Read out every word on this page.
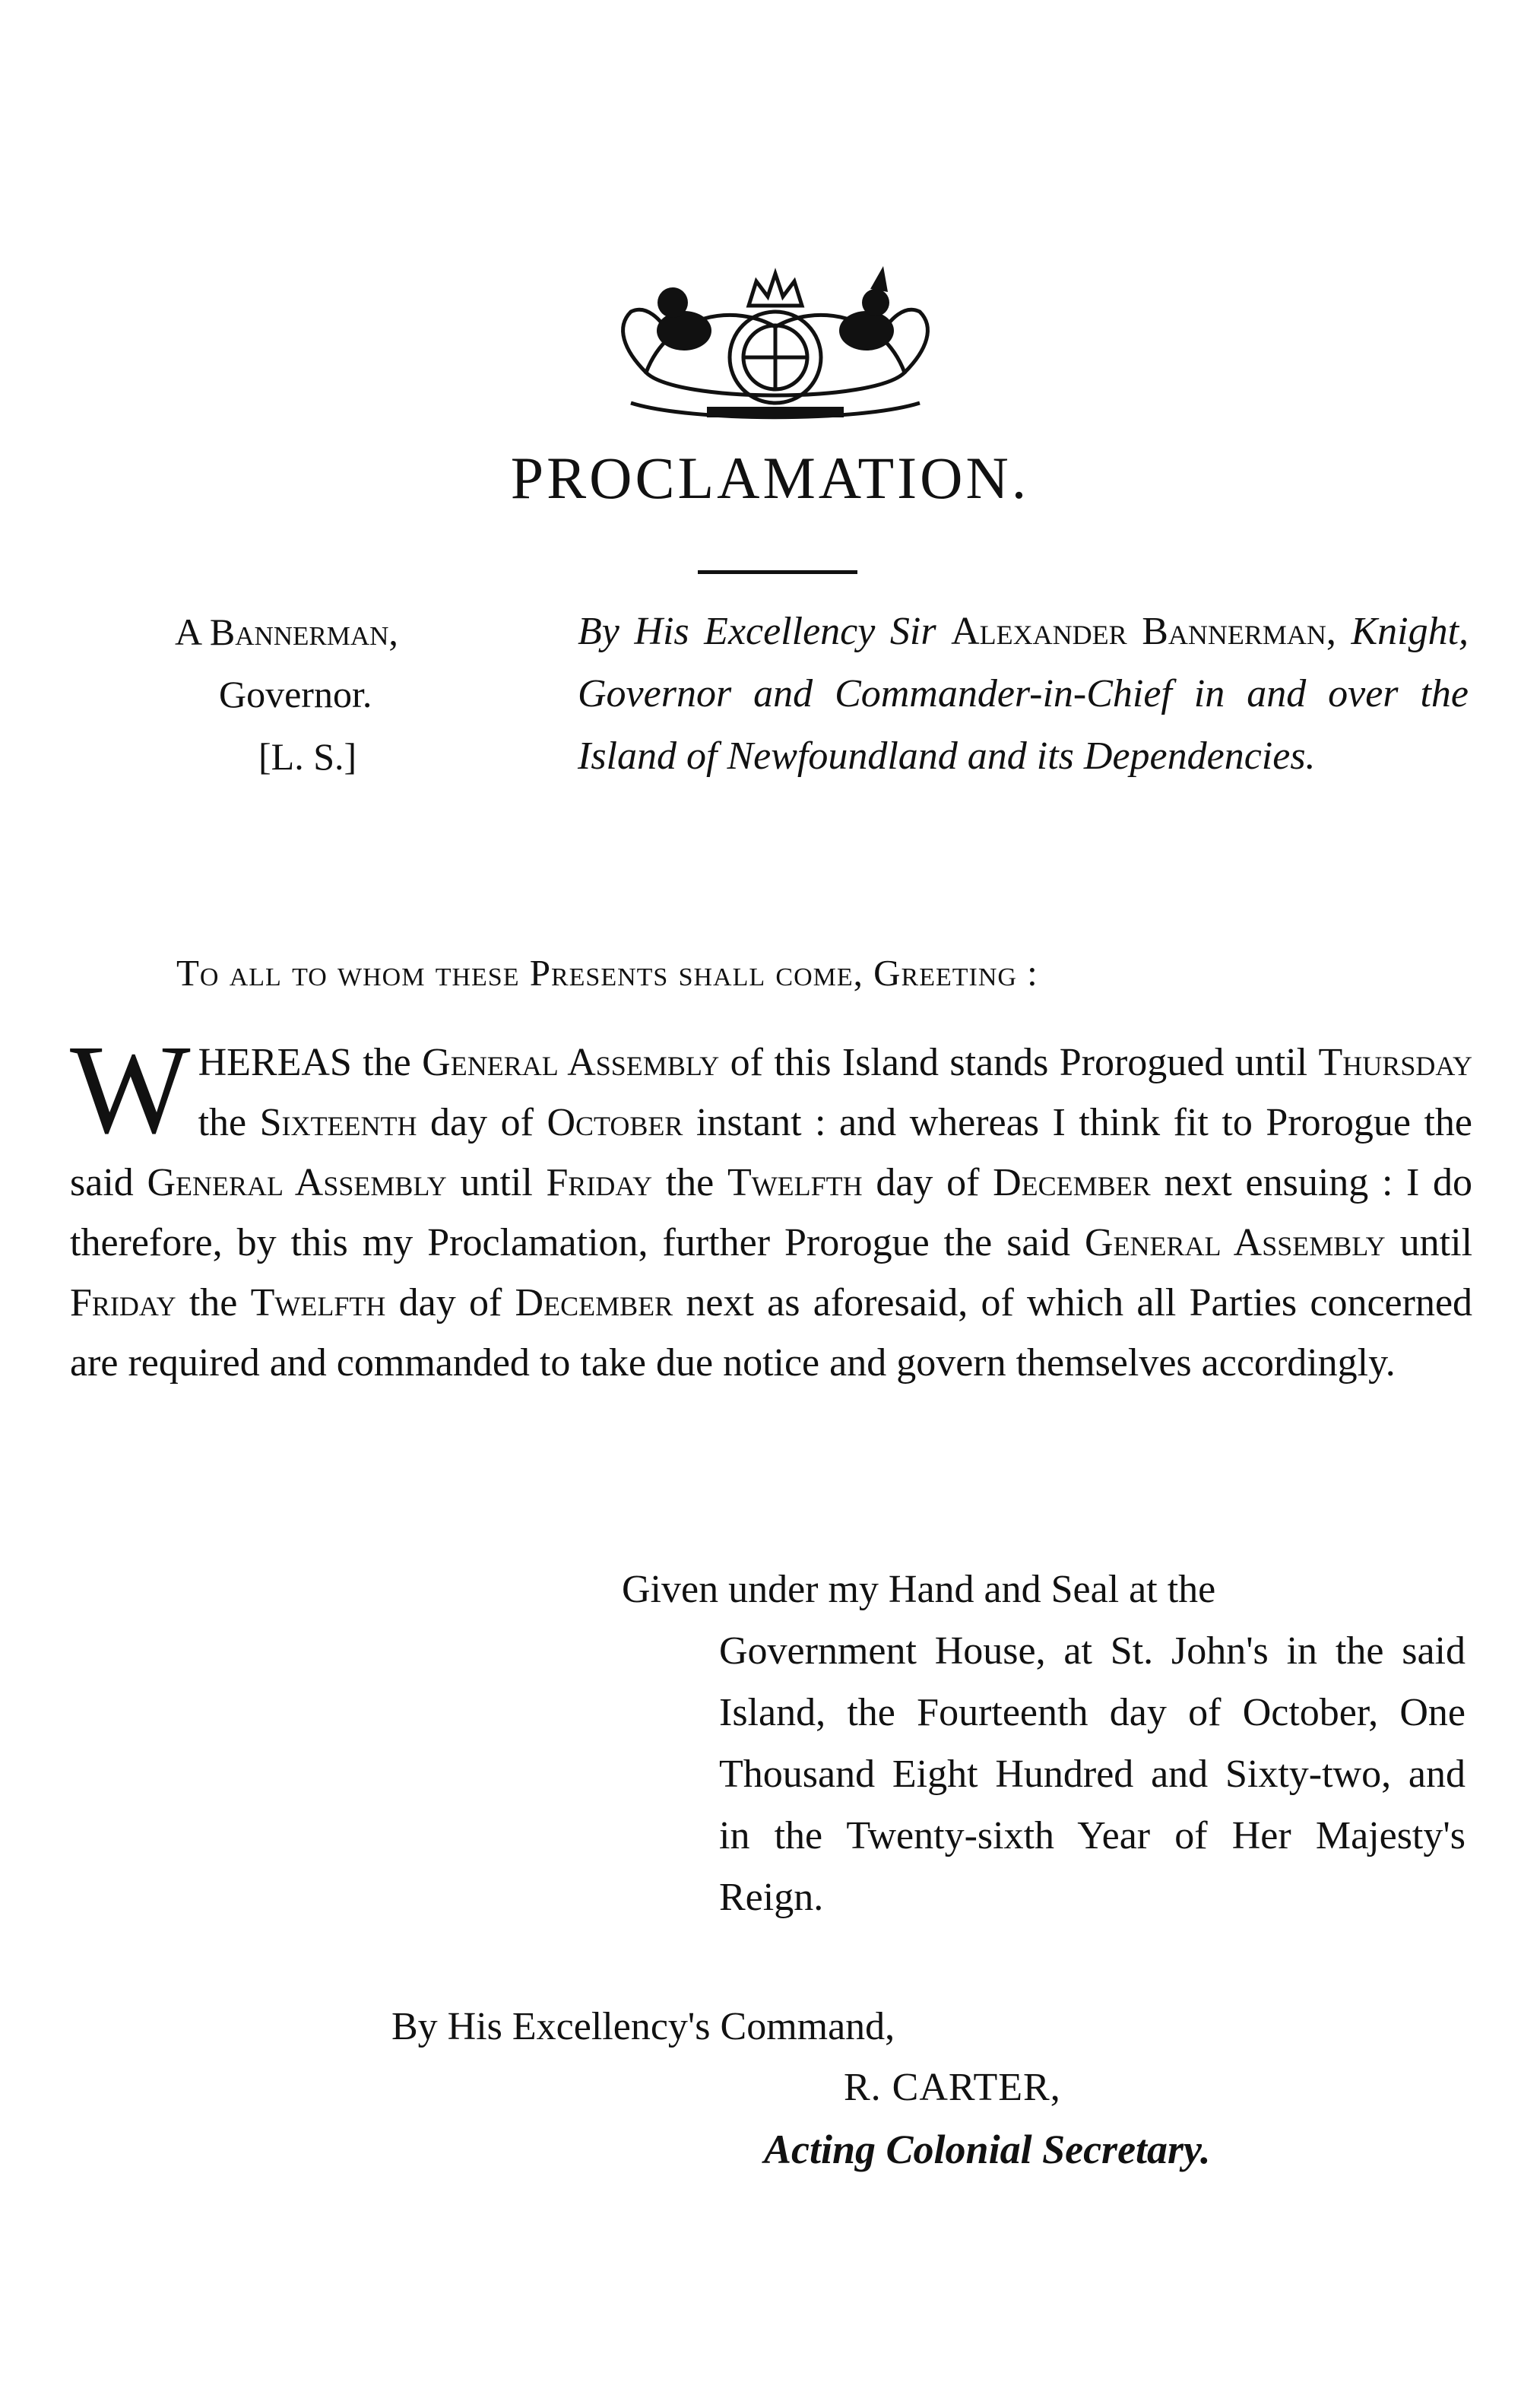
PROCLAMATION.
A Bannerman,
Governor.
[L. S.]
By His Excellency Sir Alexander Bannerman, Knight, Governor and Commander-in-Chief in and over the Island of Newfoundland and its Dependencies.
To all to whom these Presents shall come, Greeting :
W HEREAS the General Assembly of this Island stands Prorogued until Thursday the Sixteenth day of October instant : and whereas I think fit to Prorogue the said General Assembly until Friday the Twelfth day of December next ensuing : I do therefore, by this my Proclamation, further Prorogue the said General Assembly until Friday the Twelfth day of December next as aforesaid, of which all Parties concerned are required and commanded to take due notice and govern themselves accordingly.
Given under my Hand and Seal at the
Government House, at St. John's in the said Island, the Fourteenth day of October, One Thousand Eight Hundred and Sixty-two, and in the Twenty-sixth Year of Her Majesty's Reign.
By His Excellency's Command,
R. CARTER,
Acting Colonial Secretary.
